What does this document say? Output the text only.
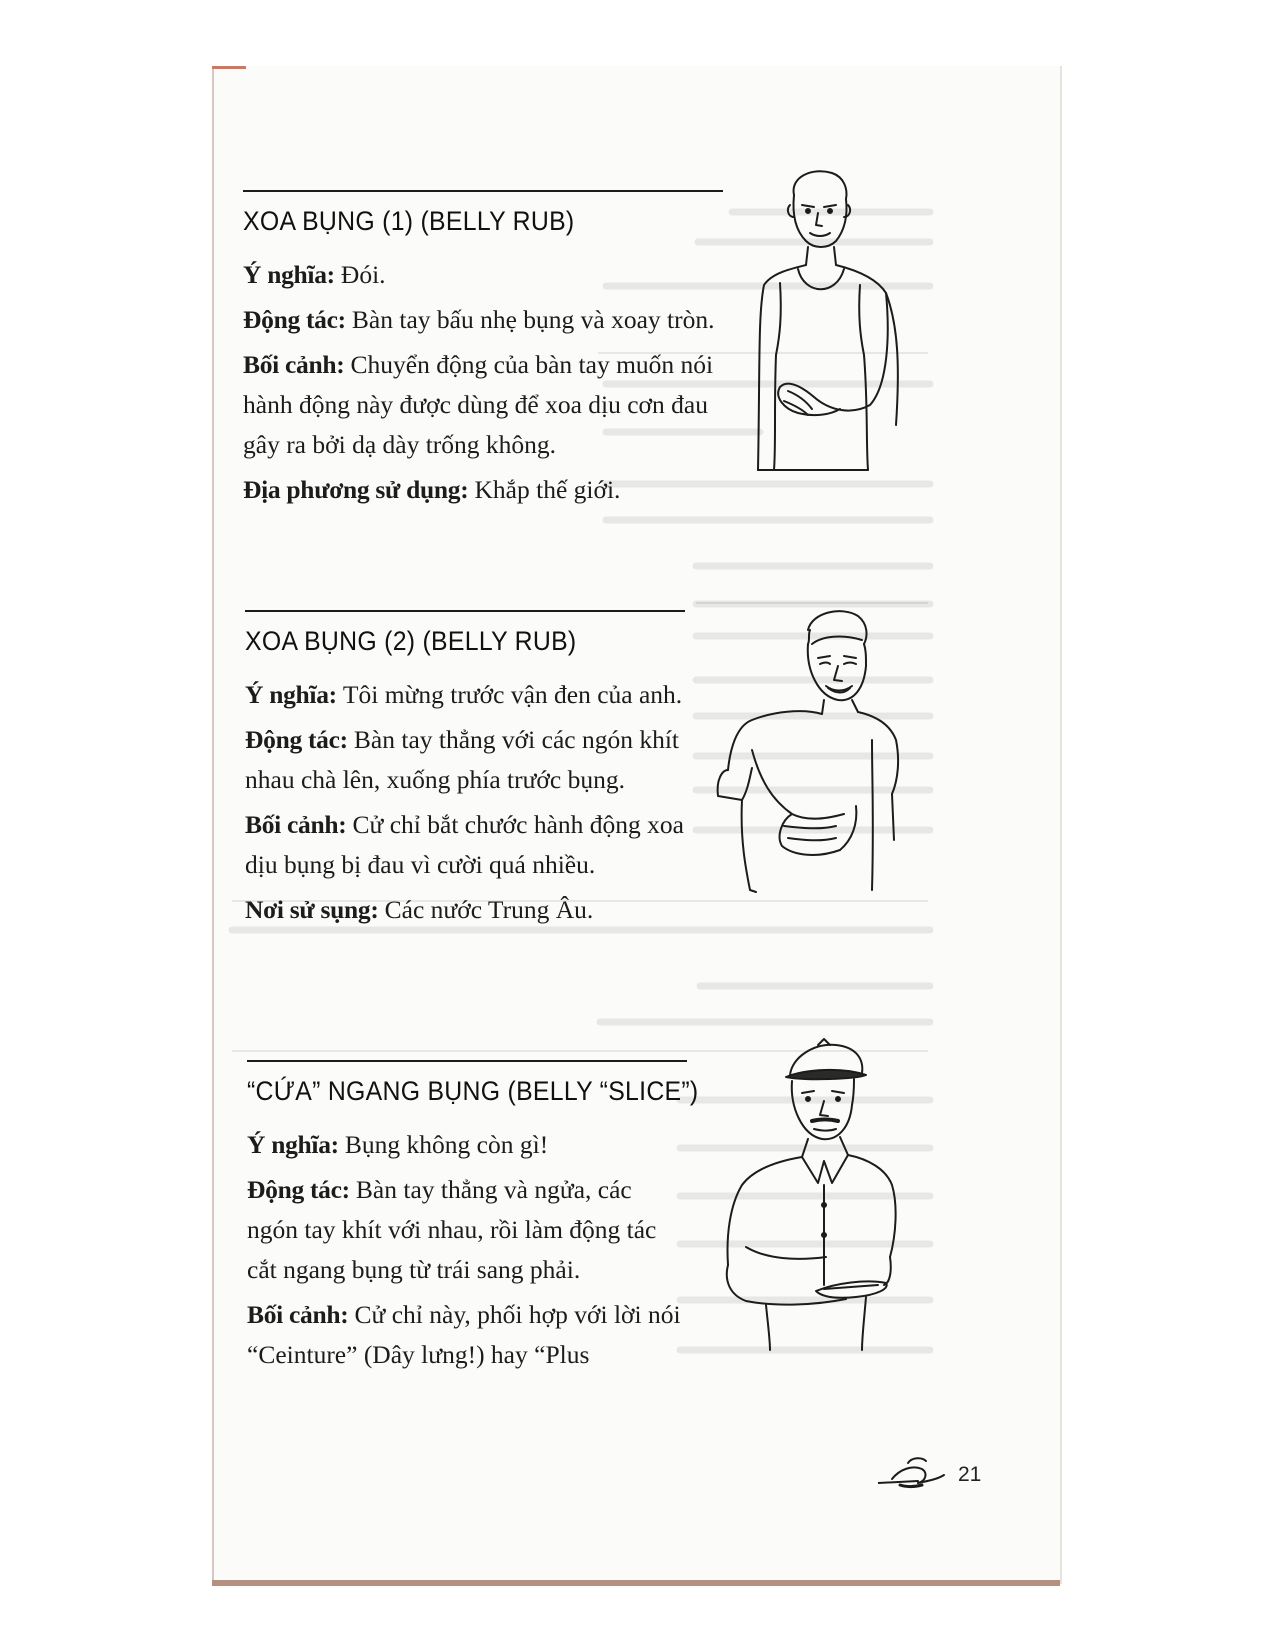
XOA BỤNG (1) (BELLY RUB)

Ý nghĩa: Đói.

Động tác: Bàn tay bấu nhẹ bụng và xoay tròn.

Bối cảnh: Chuyển động của bàn tay muốn nói hành động này được dùng để xoa dịu cơn đau gây ra bởi dạ dày trống không.

Địa phương sử dụng: Khắp thế giới.

XOA BỤNG (2) (BELLY RUB)

Ý nghĩa: Tôi mừng trước vận đen của anh.

Động tác: Bàn tay thẳng với các ngón khít nhau chà lên, xuống phía trước bụng.

Bối cảnh: Cử chỉ bắt chước hành động xoa dịu bụng bị đau vì cười quá nhiều.

Nơi sử sụng: Các nước Trung Âu.

“CỨA” NGANG BỤNG (BELLY “SLICE”)

Ý nghĩa: Bụng không còn gì!

Động tác: Bàn tay thẳng và ngửa, các ngón tay khít với nhau, rồi làm động tác cắt ngang bụng từ trái sang phải.

Bối cảnh: Cử chỉ này, phối hợp với lời nói “Ceinture” (Dây lưng!) hay “Plus

21
